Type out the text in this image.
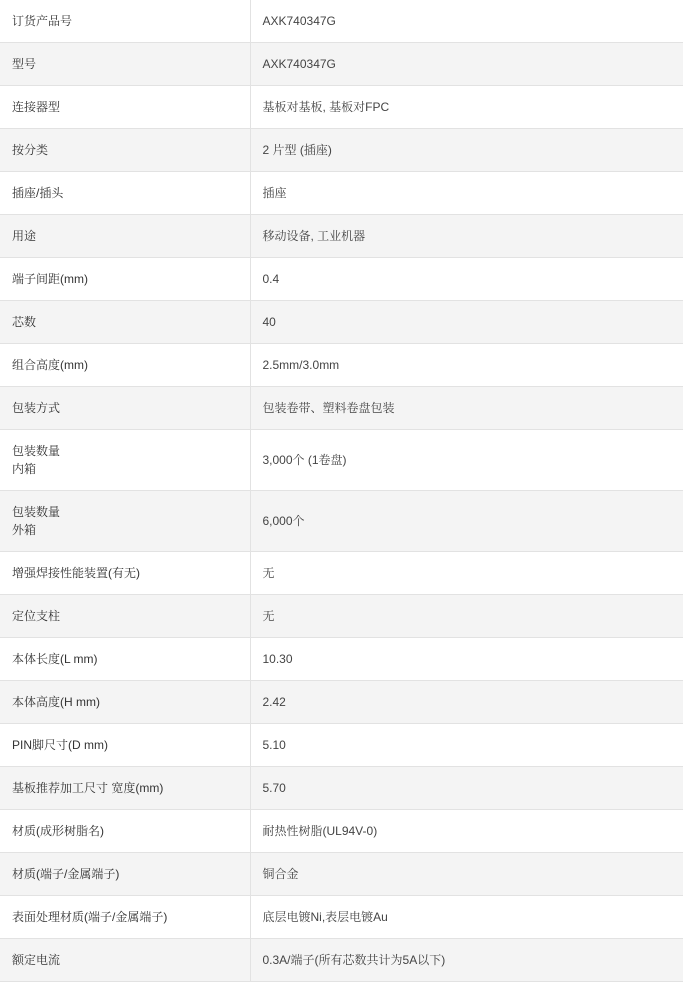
订货产品号	AXK740347G
型号	AXK740347G
连接器型	基板对基板, 基板对FPC
按分类	2 片型 (插座)
插座/插头	插座
用途	移动设备, 工业机器
端子间距(mm)	0.4
芯数	40
组合高度(mm)	2.5mm/3.0mm
包装方式	包装卷带、塑料卷盘包装

包装数量
内箱	3,000个 (1卷盘)

包装数量
外箱	6,000个
增强焊接性能装置(有无)	无
定位支柱	无
本体长度(L mm)	10.30
本体高度(H mm)	2.42
PIN脚尺寸(D mm)	5.10
基板推荐加工尺寸 宽度(mm)	5.70
材质(成形树脂名)	耐热性树脂(UL94V-0)
材质(端子/金属端子)	铜合金
表面处理材质(端子/金属端子)	底层电镀Ni,表层电镀Au
额定电流	0.3A/端子(所有芯数共计为5A以下)
